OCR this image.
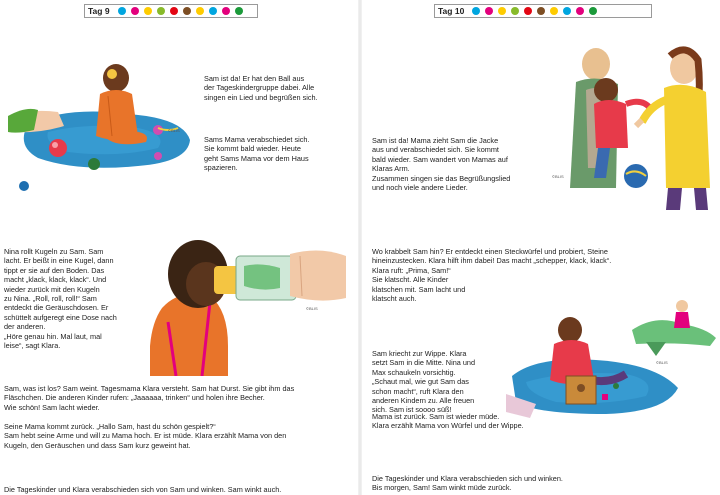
Tag 9
©BLIS
Sam ist da! Er hat den Ball aus
der Tageskindergruppe dabei. Alle
singen ein Lied und begrüßen sich.
Sams Mama verabschiedet sich.
Sie kommt bald wieder. Heute
geht Sams Mama vor dem Haus
spazieren.
©BLIS
Nina rollt Kugeln zu Sam. Sam
lacht. Er beißt in eine Kugel, dann
tippt er sie auf den Boden. Das
macht „klack, klack, klack“. Und
wieder zurück mit den Kugeln
zu Nina. „Roll, roll, roll!“ Sam
entdeckt die Geräuschdosen. Er
schüttelt aufgeregt eine Dose nach
der anderen.
„Höre genau hin. Mal laut, mal
leise“, sagt Klara.
Sam, was ist los? Sam weint. Tagesmama Klara versteht. Sam hat Durst. Sie gibt ihm das
Fläschchen. Die anderen Kinder rufen: „Jaaaaaa, trinken“ und holen ihre Becher.
Wie schön! Sam lacht wieder.
Seine Mama kommt zurück. „Hallo Sam, hast du schön gespielt?“
Sam hebt seine Arme und will zu Mama hoch. Er ist müde. Klara erzählt Mama von den
Kugeln, den Geräuschen und dass Sam kurz geweint hat.
Die Tageskinder und Klara verabschieden sich von Sam und winken. Sam winkt auch.
Tag 10
©BLIS
Sam ist da! Mama zieht Sam die Jacke
aus und verabschiedet sich. Sie kommt
bald wieder. Sam wandert von Mamas auf
Klaras Arm.
Zusammen singen sie das Begrüßungslied
und noch viele andere Lieder.
Wo krabbelt Sam hin? Er entdeckt einen Steckwürfel und probiert, Steine
hineinzustecken. Klara hilft ihm dabei! Das macht „schepper, klack, klack“.
Klara ruft: „Prima, Sam!“
Sie klatscht. Alle Kinder
klatschen mit. Sam lacht und
klatscht auch.
©BLIS
Sam kriecht zur Wippe. Klara
setzt Sam in die Mitte. Nina und
Max schaukeln vorsichtig.
„Schaut mal, wie gut Sam das
schon macht“, ruft Klara den
anderen Kindern zu. Alle freuen
sich. Sam ist soooo süß!
Mama ist zurück. Sam ist wieder müde.
Klara erzählt Mama von Würfel und der Wippe.
Die Tageskinder und Klara verabschieden sich und winken.
Bis morgen, Sam! Sam winkt müde zurück.
